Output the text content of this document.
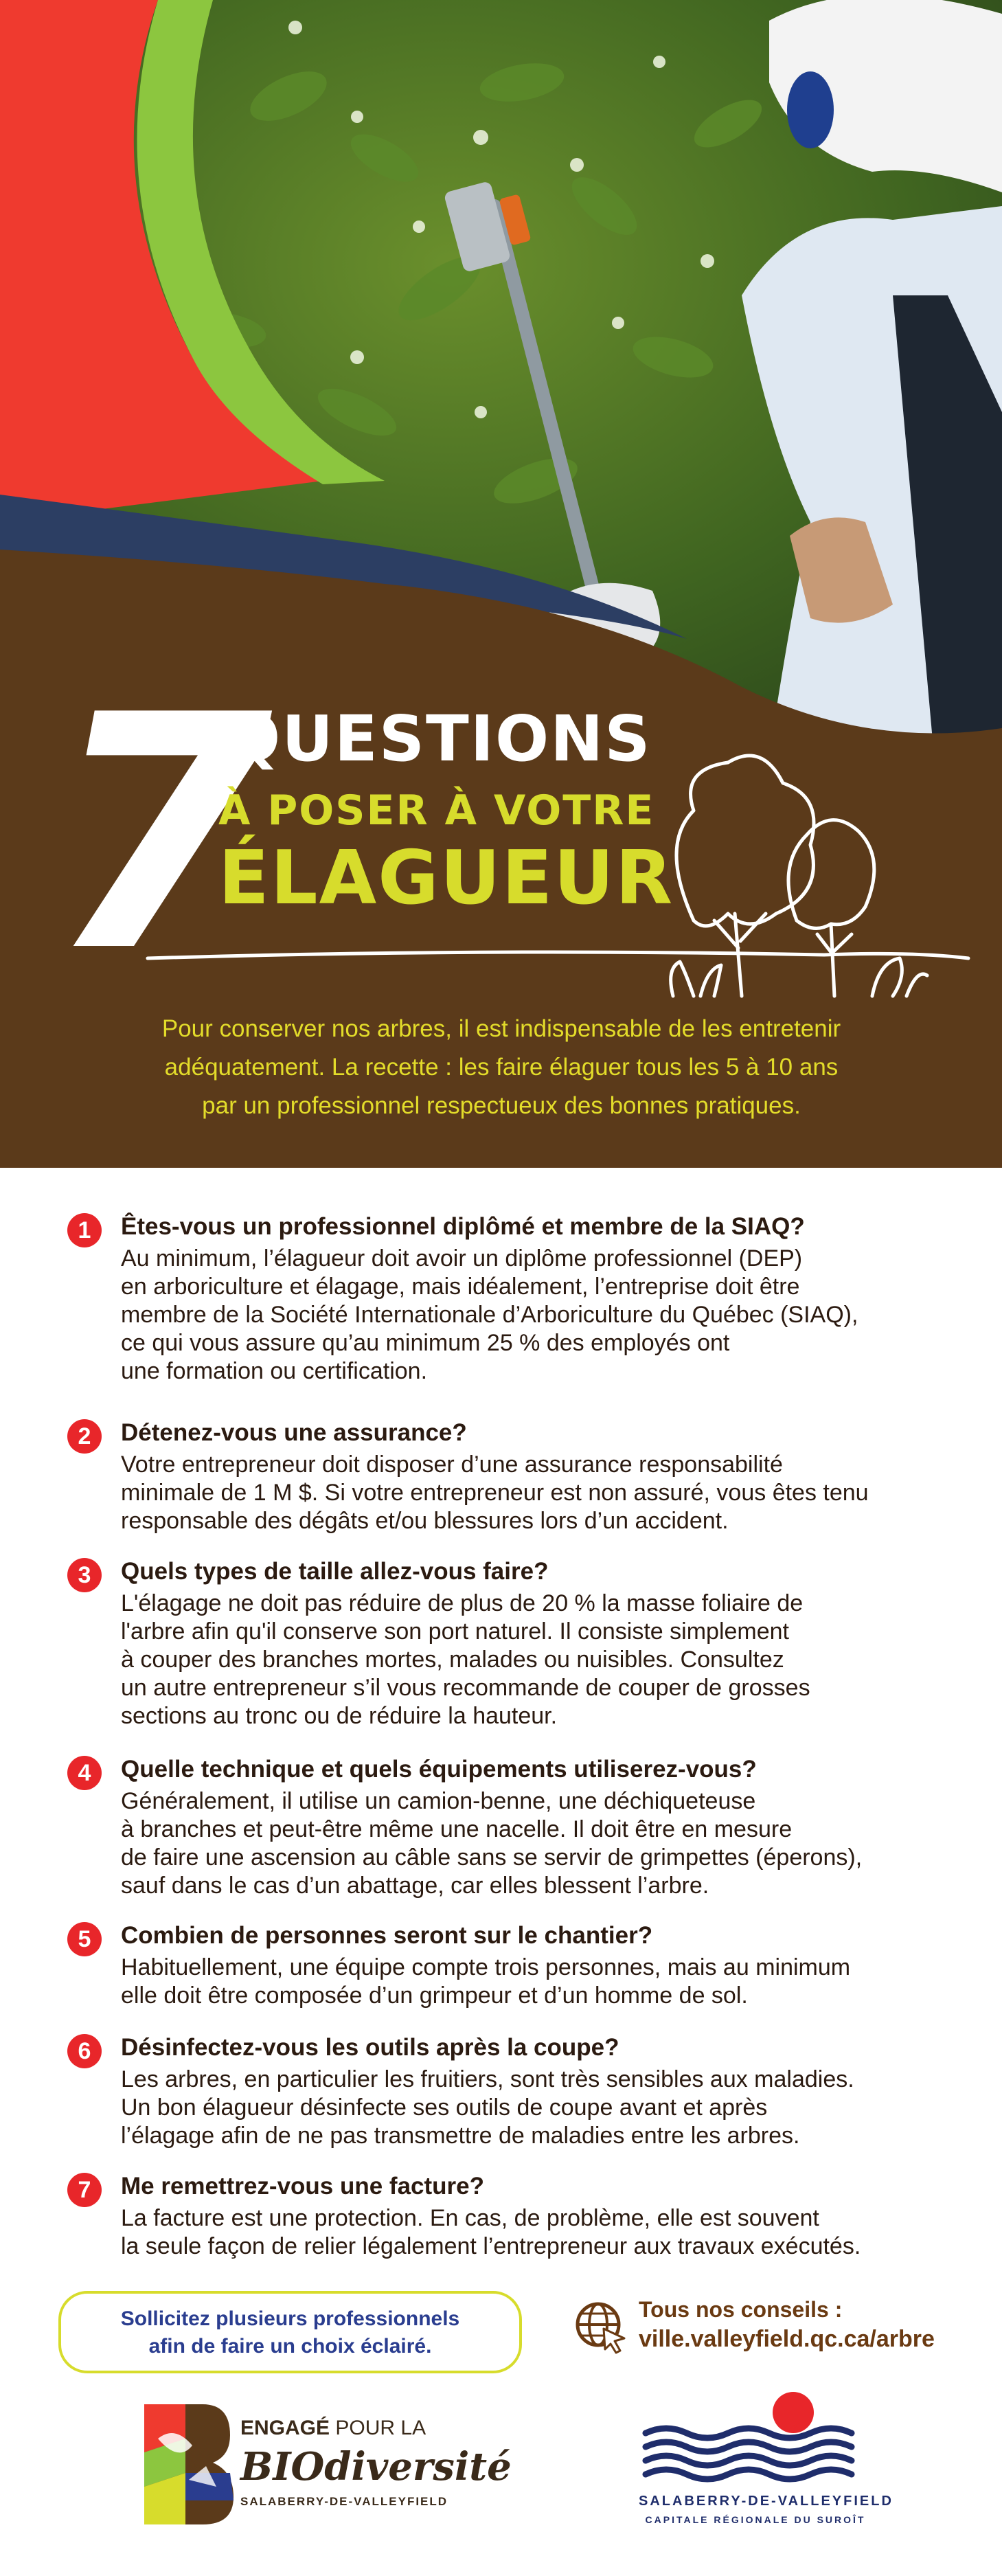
7
QUESTIONS
À POSER À VOTRE
ÉLAGUEUR
Pour conserver nos arbres, il est indispensable de les entretenir
adéquatement. La recette : les faire élaguer tous les 5 à 10 ans
par un professionnel respectueux des bonnes pratiques.
1	Êtes-vous un professionnel diplômé et membre de la SIAQ?
Au minimum, l’élagueur doit avoir un diplôme professionnel (DEP)
en arboriculture et élagage, mais idéalement, l’entreprise doit être
membre de la Société Internationale d’Arboriculture du Québec (SIAQ),
ce qui vous assure qu’au minimum 25 % des employés ont
une formation ou certification.
2	Détenez-vous une assurance?
Votre entrepreneur doit disposer d’une assurance responsabilité
minimale de 1 M $. Si votre entrepreneur est non assuré, vous êtes tenu
responsable des dégâts et/ou blessures lors d’un accident.
3	Quels types de taille allez-vous faire?
L'élagage ne doit pas réduire de plus de 20 % la masse foliaire de
l'arbre afin qu'il conserve son port naturel. Il consiste simplement
à couper des branches mortes, malades ou nuisibles. Consultez
un autre entrepreneur s’il vous recommande de couper de grosses
sections au tronc ou de réduire la hauteur.
4	Quelle technique et quels équipements utiliserez-vous?
Généralement, il utilise un camion-benne, une déchiqueteuse
à branches et peut-être même une nacelle. Il doit être en mesure
de faire une ascension au câble sans se servir de grimpettes (éperons),
sauf dans le cas d’un abattage, car elles blessent l’arbre.
5	Combien de personnes seront sur le chantier?
Habituellement, une équipe compte trois personnes, mais au minimum
elle doit être composée d’un grimpeur et d’un homme de sol.
6	Désinfectez-vous les outils après la coupe?
Les arbres, en particulier les fruitiers, sont très sensibles aux maladies.
Un bon élagueur désinfecte ses outils de coupe avant et après
l’élagage afin de ne pas transmettre de maladies entre les arbres.
7	Me remettrez-vous une facture?
La facture est une protection. En cas, de problème, elle est souvent
la seule façon de relier légalement l’entrepreneur aux travaux exécutés.
Sollicitez plusieurs professionnels
afin de faire un choix éclairé.
Tous nos conseils :
ville.valleyfield.qc.ca/arbre
ENGAGÉ POUR LA
BIOdiversité
SALABERRY-DE-VALLEYFIELD	SALABERRY-DE-VALLEYFIELD
CAPITALE RÉGIONALE DU SUROÎT
